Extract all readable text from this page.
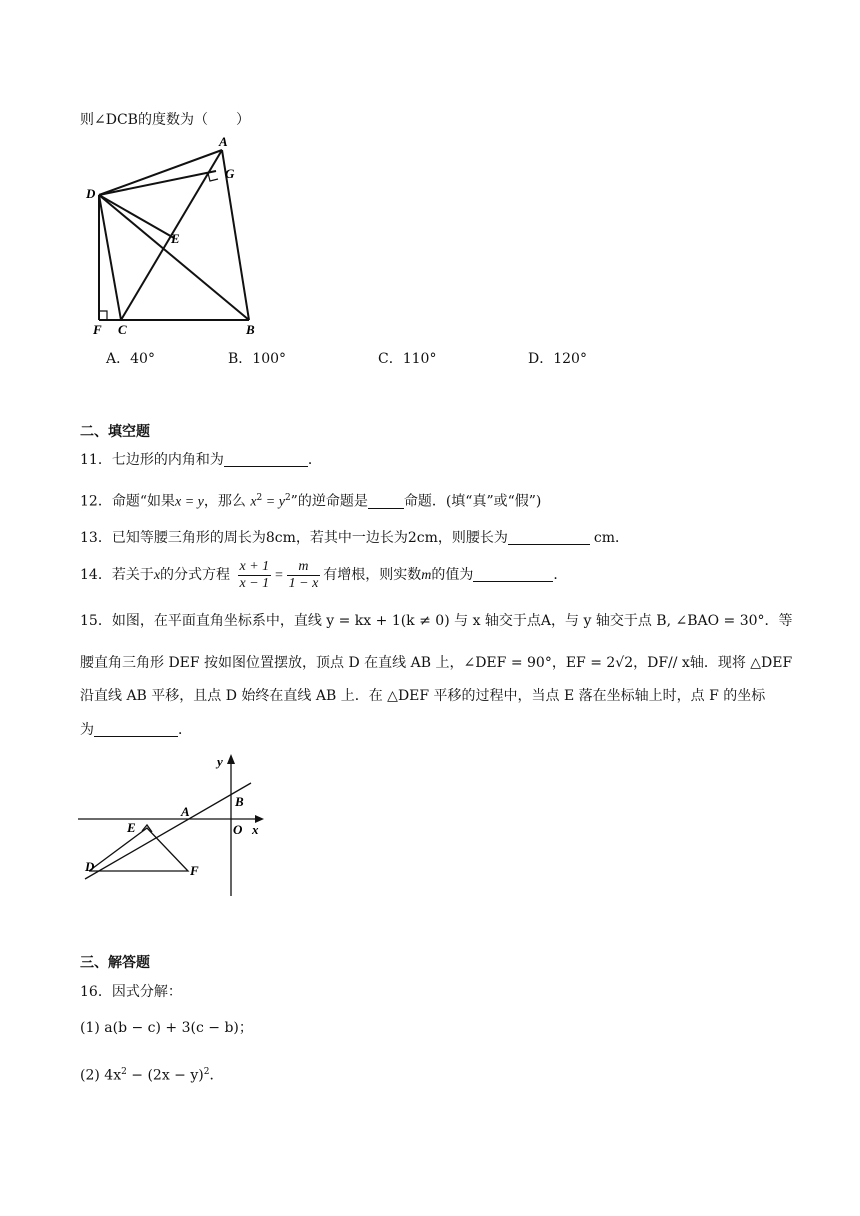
则∠DCB的度数为（　　）
A
G
D
E
F C	B
A．40°	B．100°	C．110°	D．120°
二、填空题
11．七边形的内角和为	．
12．命题“如果x = y，那么 $x^2 = y^2$”的逆命题是	命题．(填“真”或“假”)
13．已知等腰三角形的周长为8cm，若其中一边长为2cm，则腰长为	cm．
14．若关于x的分式方程 $\frac{x + 1}{x - 1} = \frac{m}{1 - x}$ 有增根，则实数m的值为	．
15．如图，在平面直角坐标系中，直线 y = kx + 1(k ≠ 0) 与 x 轴交于点A，与 y 轴交于点 B, ∠BAO = 30°．等
腰直角三角形 DEF 按如图位置摆放，顶点 D 在直线 AB 上，∠DEF = 90°，EF = 2√2，DF// x轴．现将 △DEF
沿直线 AB 平移，且点 D 始终在直线 AB 上．在 △DEF 平移的过程中，当点 E 落在坐标轴上时，点 F 的坐标
为	．
y
B
A
O x
E
D	F
三、解答题
16．因式分解：
(1) a(b − c) + 3(c − b)；
(2) $4x^2 - (2x - y)^2$．
